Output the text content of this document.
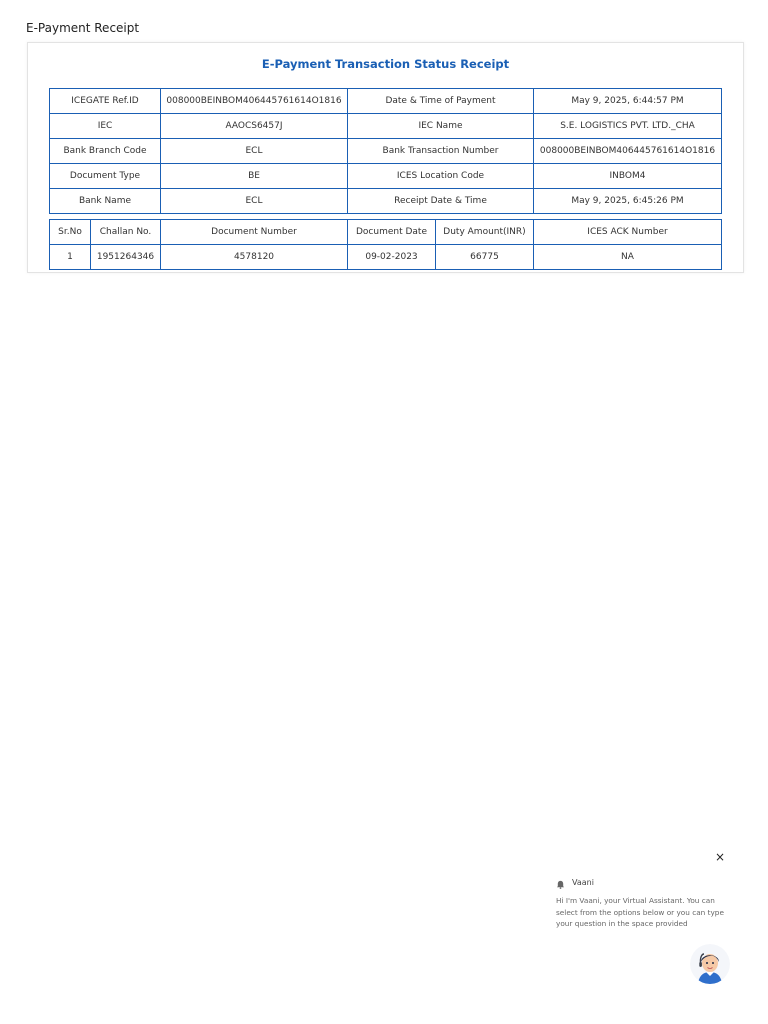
E-Payment Receipt
E-Payment Transaction Status Receipt
ICEGATE Ref.ID	008000BEINBOM406445761614O1816	Date & Time of Payment	May 9, 2025, 6:44:57 PM
IEC	AAOCS6457J	IEC Name	S.E. LOGISTICS PVT. LTD._CHA
Bank Branch Code	ECL	Bank Transaction Number	008000BEINBOM406445761614O1816
Document Type	BE	ICES Location Code	INBOM4
Bank Name	ECL	Receipt Date & Time	May 9, 2025, 6:45:26 PM
Sr.No	Challan No.	Document Number	Document Date	Duty Amount(INR)	ICES ACK Number
1	1951264346	4578120	09-02-2023	66775	NA
×
Vaani
Hi I'm Vaani, your Virtual Assistant. You can select from the options below or you can type your question in the space provided
